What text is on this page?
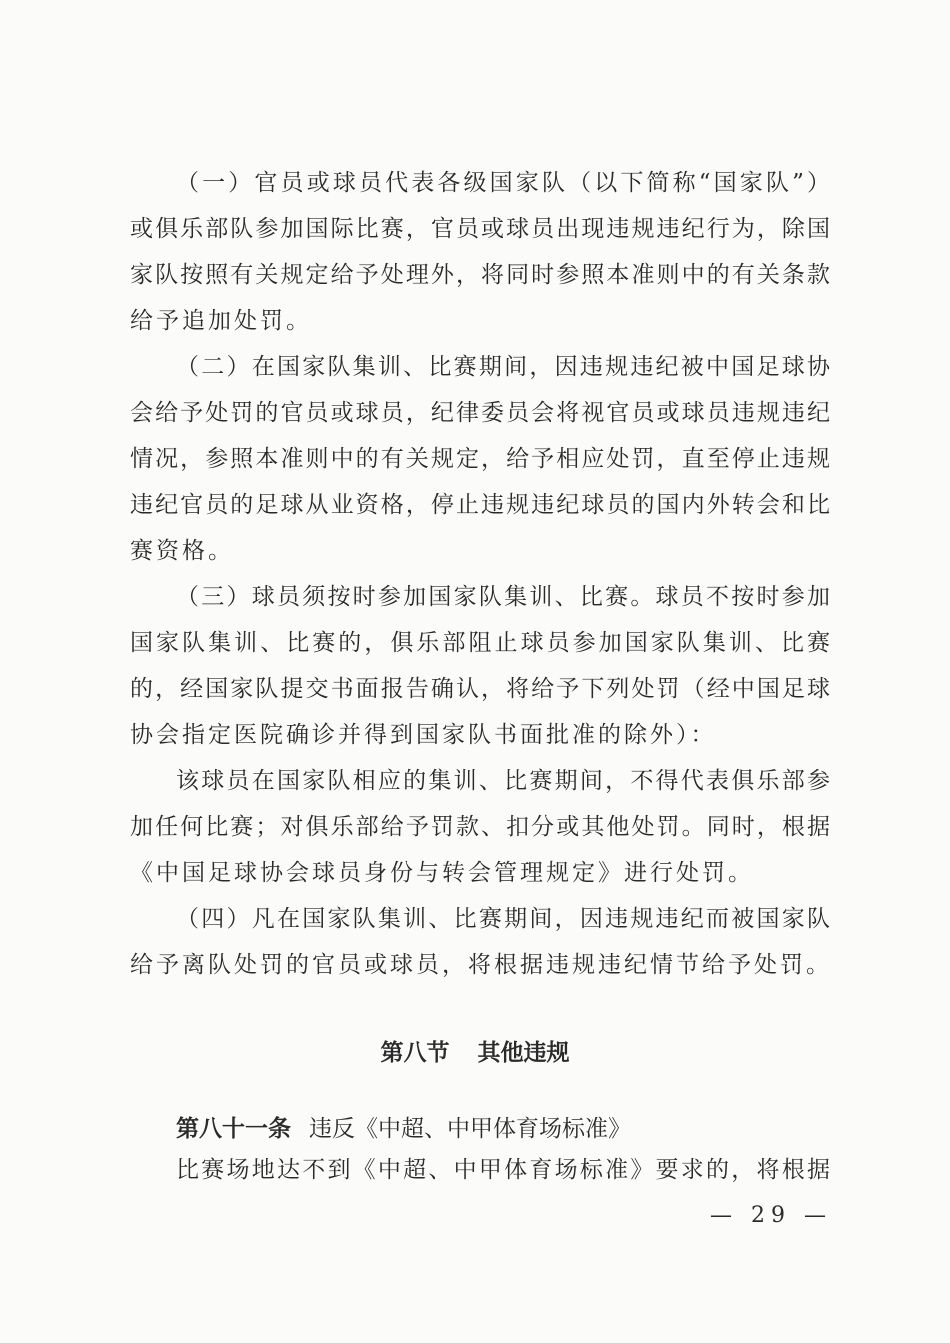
（一）官员或球员代表各级国家队（以下简称“国家队”）
或俱乐部队参加国际比赛，官员或球员出现违规违纪行为，除国
家队按照有关规定给予处理外，将同时参照本准则中的有关条款
给予追加处罚。
（二）在国家队集训、比赛期间，因违规违纪被中国足球协
会给予处罚的官员或球员，纪律委员会将视官员或球员违规违纪
情况，参照本准则中的有关规定，给予相应处罚，直至停止违规
违纪官员的足球从业资格，停止违规违纪球员的国内外转会和比
赛资格。
（三）球员须按时参加国家队集训、比赛。球员不按时参加
国家队集训、比赛的，俱乐部阻止球员参加国家队集训、比赛
的，经国家队提交书面报告确认，将给予下列处罚（经中国足球
协会指定医院确诊并得到国家队书面批准的除外）：
该球员在国家队相应的集训、比赛期间，不得代表俱乐部参
加任何比赛；对俱乐部给予罚款、扣分或其他处罚。同时，根据
《中国足球协会球员身份与转会管理规定》进行处罚。
（四）凡在国家队集训、比赛期间，因违规违纪而被国家队
给予离队处罚的官员或球员，将根据违规违纪情节给予处罚。
第八节 其他违规
第八十一条 违反《中超、中甲体育场标准》
比赛场地达不到《中超、中甲体育场标准》要求的，将根据
— 29 —
